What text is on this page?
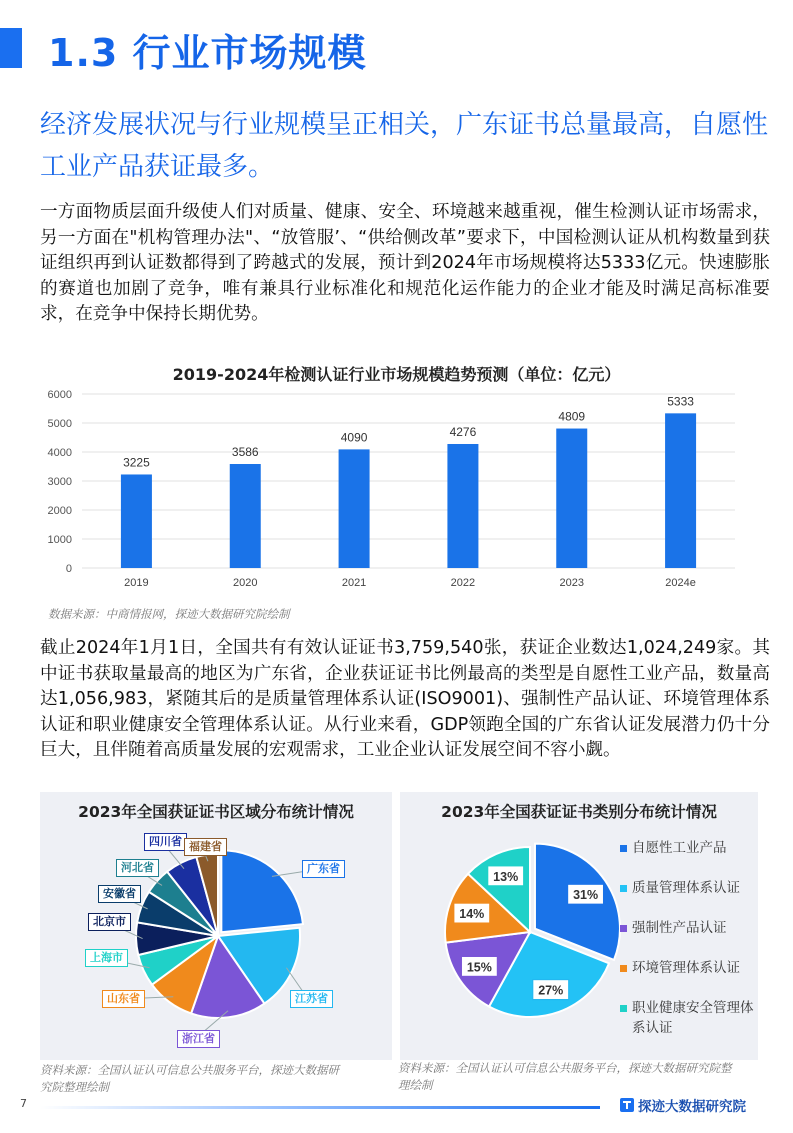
1.3 行业市场规模
经济发展状况与行业规模呈正相关，广东证书总量最高，自愿性工业产品获证最多。
一方面物质层面升级使人们对质量、健康、安全、环境越来越重视，催生检测认证市场需求，另一方面在"机构管理办法"、“放管服’、“供给侧改革”要求下，中国检测认证从机构数量到获证组织再到认证数都得到了跨越式的发展，预计到2024年市场规模将达5333亿元。快速膨胀的赛道也加剧了竞争，唯有兼具行业标准化和规范化运作能力的企业才能及时满足高标准要求，在竞争中保持长期优势。
2019-2024年检测认证行业市场规模趋势预测（单位：亿元）
0
1000
2000
3000
4000
5000
6000
3225
2019
3586
2020
4090
2021
4276
2022
4809
2023
5333
2024e
数据来源：中商情报网，探迹大数据研究院绘制
截止2024年1月1日，全国共有有效认证证书3,759,540张，获证企业数达1,024,249家。其中证书获取量最高的地区为广东省，企业获证证书比例最高的类型是自愿性工业产品，数量高达1,056,983，紧随其后的是质量管理体系认证(ISO9001)、强制性产品认证、环境管理体系认证和职业健康安全管理体系认证。从行业来看，GDP领跑全国的广东省认证发展潜力仍十分巨大，且伴随着高质量发展的宏观需求，工业企业认证发展空间不容小觑。
2023年全国获证证书区域分布统计情况	2023年全国获证证书类别分布统计情况
31%
27%
15%
14%
13%
广东省
江苏省
浙江省
山东省
上海市
北京市
安徽省
河北省
四川省 福建省	自愿性工业产品
质量管理体系认证
强制性产品认证
环境管理体系认证
职业健康安全管理体系认证
资料来源：全国认证认可信息公共服务平台，探迹大数据研究院整理绘制
资料来源：全国认证认可信息公共服务平台，探迹大数据研究院整理绘制
7	探迹大数据研究院
